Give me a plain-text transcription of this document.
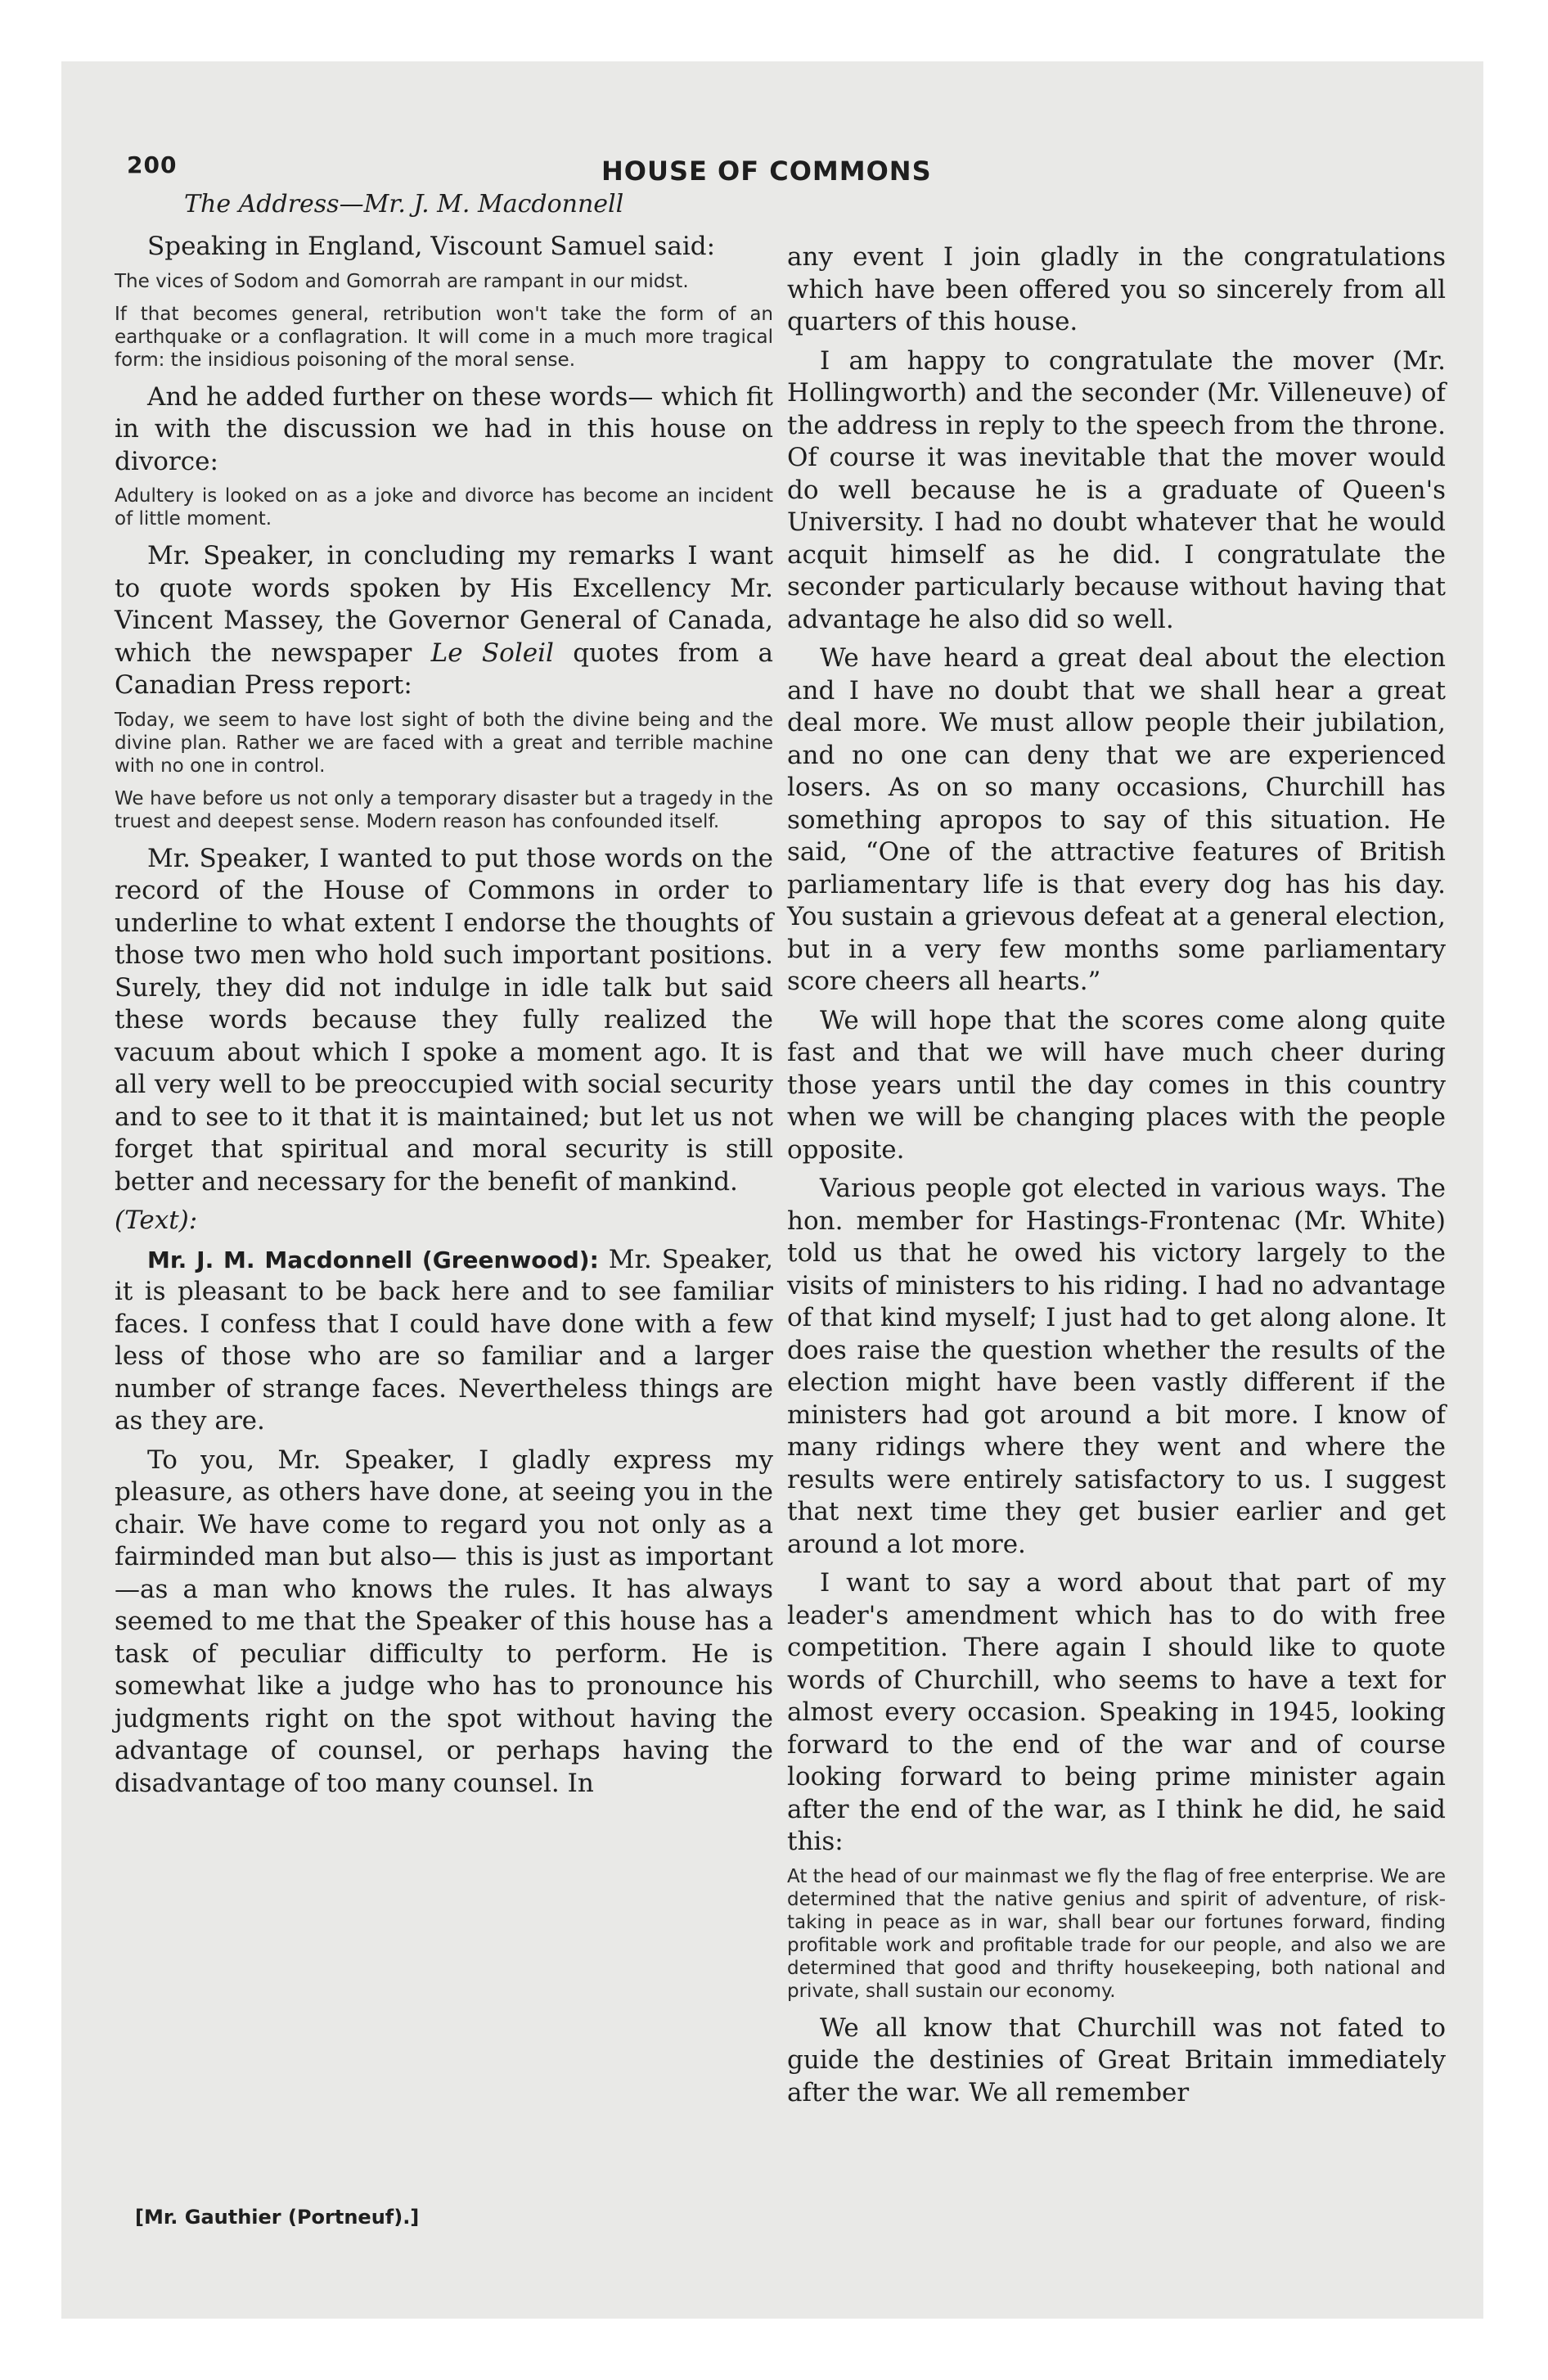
200	HOUSE OF COMMONS
The Address—Mr. J. M. Macdonnell

Speaking in England, Viscount Samuel said:

The vices of Sodom and Gomorrah are rampant in our midst.
If that becomes general, retribution won't take the form of an earthquake or a conflagration. It will come in a much more tragical form: the insidious poisoning of the moral sense.

And he added further on these words— which fit in with the discussion we had in this house on divorce:

Adultery is looked on as a joke and divorce has become an incident of little moment.

Mr. Speaker, in concluding my remarks I want to quote words spoken by His Excellency Mr. Vincent Massey, the Governor General of Canada, which the newspaper Le Soleil quotes from a Canadian Press report:

Today, we seem to have lost sight of both the divine being and the divine plan. Rather we are faced with a great and terrible machine with no one in control.
We have before us not only a temporary disaster but a tragedy in the truest and deepest sense. Modern reason has confounded itself.

Mr. Speaker, I wanted to put those words on the record of the House of Commons in order to underline to what extent I endorse the thoughts of those two men who hold such important positions. Surely, they did not indulge in idle talk but said these words because they fully realized the vacuum about which I spoke a moment ago. It is all very well to be preoccupied with social security and to see to it that it is maintained; but let us not forget that spiritual and moral security is still better and necessary for the benefit of mankind.

(Text):

Mr. J. M. Macdonnell (Greenwood): Mr. Speaker, it is pleasant to be back here and to see familiar faces. I confess that I could have done with a few less of those who are so familiar and a larger number of strange faces. Nevertheless things are as they are.

To you, Mr. Speaker, I gladly express my pleasure, as others have done, at seeing you in the chair. We have come to regard you not only as a fairminded man but also— this is just as important—as a man who knows the rules. It has always seemed to me that the Speaker of this house has a task of peculiar difficulty to perform. He is somewhat like a judge who has to pronounce his judgments right on the spot without having the advantage of counsel, or perhaps having the disadvantage of too many counsel. In

any event I join gladly in the congratulations which have been offered you so sincerely from all quarters of this house.

I am happy to congratulate the mover (Mr. Hollingworth) and the seconder (Mr. Villeneuve) of the address in reply to the speech from the throne. Of course it was inevitable that the mover would do well because he is a graduate of Queen's University. I had no doubt whatever that he would acquit himself as he did. I congratulate the seconder particularly because without having that advantage he also did so well.

We have heard a great deal about the election and I have no doubt that we shall hear a great deal more. We must allow people their jubilation, and no one can deny that we are experienced losers. As on so many occasions, Churchill has something apropos to say of this situation. He said, “One of the attractive features of British parliamentary life is that every dog has his day. You sustain a grievous defeat at a general election, but in a very few months some parliamentary score cheers all hearts.”

We will hope that the scores come along quite fast and that we will have much cheer during those years until the day comes in this country when we will be changing places with the people opposite.

Various people got elected in various ways. The hon. member for Hastings-Frontenac (Mr. White) told us that he owed his victory largely to the visits of ministers to his riding. I had no advantage of that kind myself; I just had to get along alone. It does raise the question whether the results of the election might have been vastly different if the ministers had got around a bit more. I know of many ridings where they went and where the results were entirely satisfactory to us. I suggest that next time they get busier earlier and get around a lot more.

I want to say a word about that part of my leader's amendment which has to do with free competition. There again I should like to quote words of Churchill, who seems to have a text for almost every occasion. Speaking in 1945, looking forward to the end of the war and of course looking forward to being prime minister again after the end of the war, as I think he did, he said this:

At the head of our mainmast we fly the flag of free enterprise. We are determined that the native genius and spirit of adventure, of risk-taking in peace as in war, shall bear our fortunes forward, finding profitable work and profitable trade for our people, and also we are determined that good and thrifty housekeeping, both national and private, shall sustain our economy.

We all know that Churchill was not fated to guide the destinies of Great Britain immediately after the war. We all remember

[Mr. Gauthier (Portneuf).]
